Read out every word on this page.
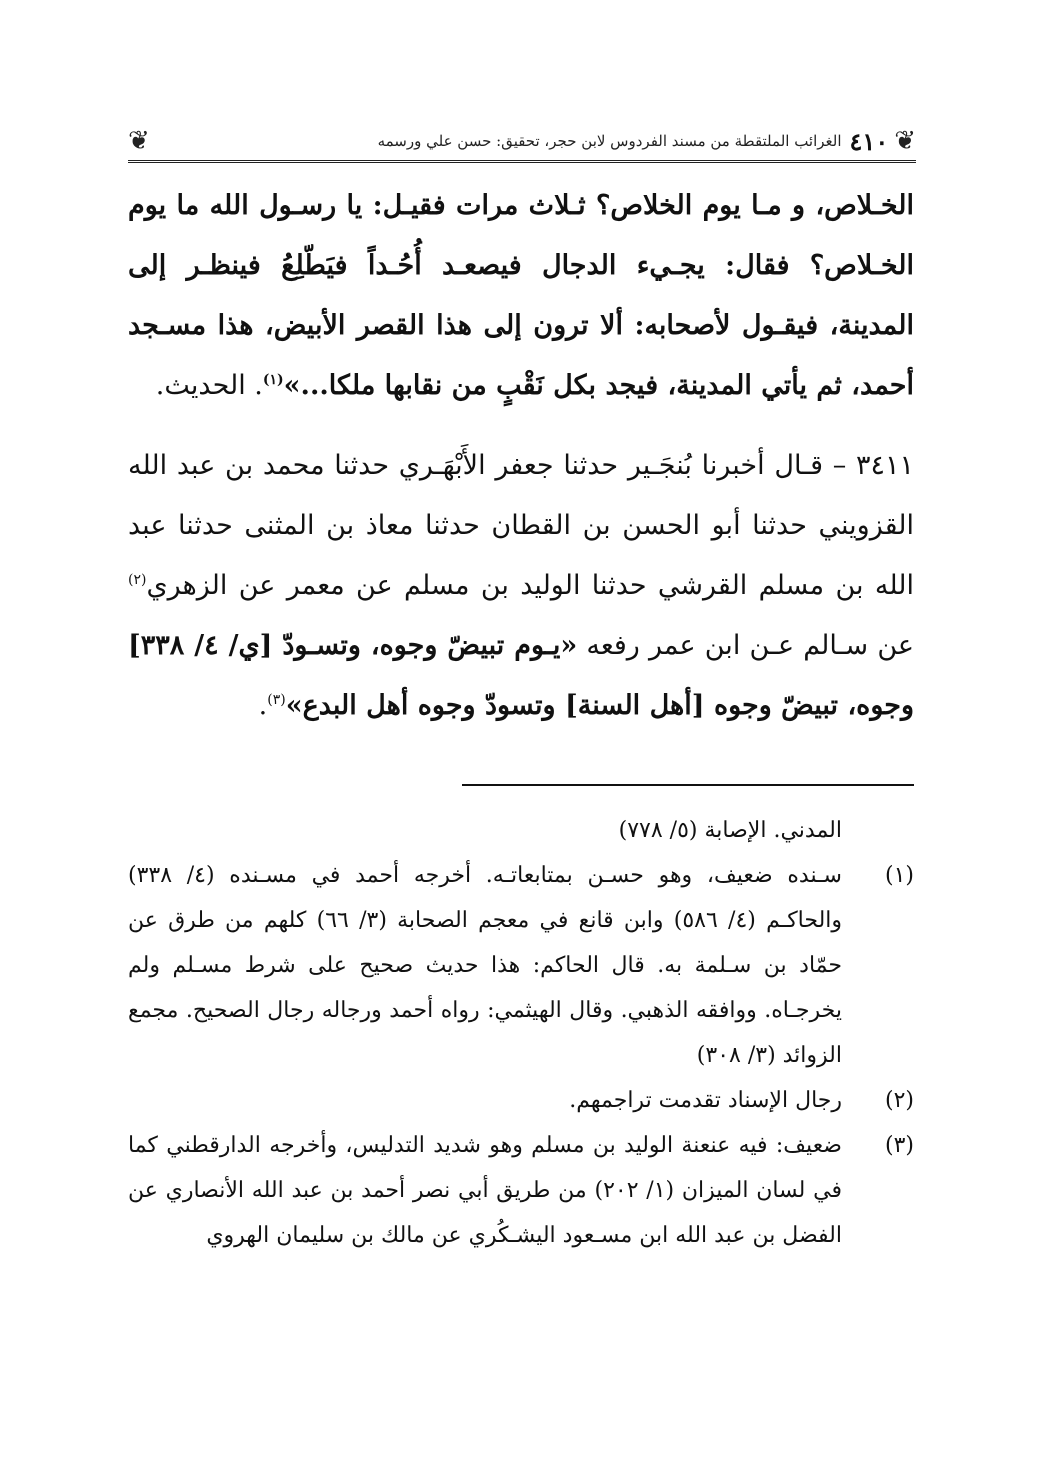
❦
٤١٠
الغرائب الملتقطة من مسند الفردوس لابن حجر، تحقيق: حسن علي ورسمه
❦

الخـلاص، و مـا يوم الخلاص؟ ثـلاث مرات فقيـل: يا رسـول الله ما يوم الخـلاص؟ فقال: يجـيء الدجال فيصعـد أُحُـداً فيَطّلِعُ فينظـر إلى المدينة، فيقـول لأصحابه: ألا ترون إلى هذا القصر الأبيض، هذا مسـجد أحمد، ثم يأتي المدينة، فيجد بكل نَقْبٍ من نقابها ملكا...»$^{(١)}$. الحديث.

٣٤١١ – قـال أخبرنا بُنجَـير حدثنا جعفر الأَبْهَـري حدثنا محمد بن عبد الله القزويني حدثنا أبو الحسن بن القطان حدثنا معاذ بن المثنى حدثنا عبد الله بن مسلم القرشي حدثنا الوليد بن مسلم عن معمر عن الزهري$^{(٢)}$ عن سـالم عـن ابن عمر رفعه «يـوم تبيضّ وجوه، وتسـودّ [ي/ ٤/ ٣٣٨] وجوه، تبيضّ وجوه [أهل السنة] وتسودّ وجوه أهل البدع»$^{(٣)}$.

المدني. الإصابة (٥/ ٧٧٨)

(١)
سـنده ضعيف، وهو حسـن بمتابعاتـه. أخرجه أحمد في مسـنده (٤/ ٣٣٨) والحاكـم (٤/ ٥٨٦) وابن قانع في معجم الصحابة (٣/ ٦٦) كلهم من طرق عن حمّاد بن سـلمة به. قال الحاكم: هذا حديث صحيح على شرط مسـلم ولم يخرجـاه. ووافقه الذهبي. وقال الهيثمي: رواه أحمد ورجاله رجال الصحيح. مجمع الزوائد (٣/ ٣٠٨)
(٢)
رجال الإسناد تقدمت تراجمهم.
(٣)
ضعيف: فيه عنعنة الوليد بن مسلم وهو شديد التدليس، وأخرجه الدارقطني كما في لسان الميزان (١/ ٢٠٢) من طريق أبي نصر أحمد بن عبد الله الأنصاري عن الفضل بن عبد الله ابن مسـعود اليشـكُري عن مالك بن سليمان الهروي
